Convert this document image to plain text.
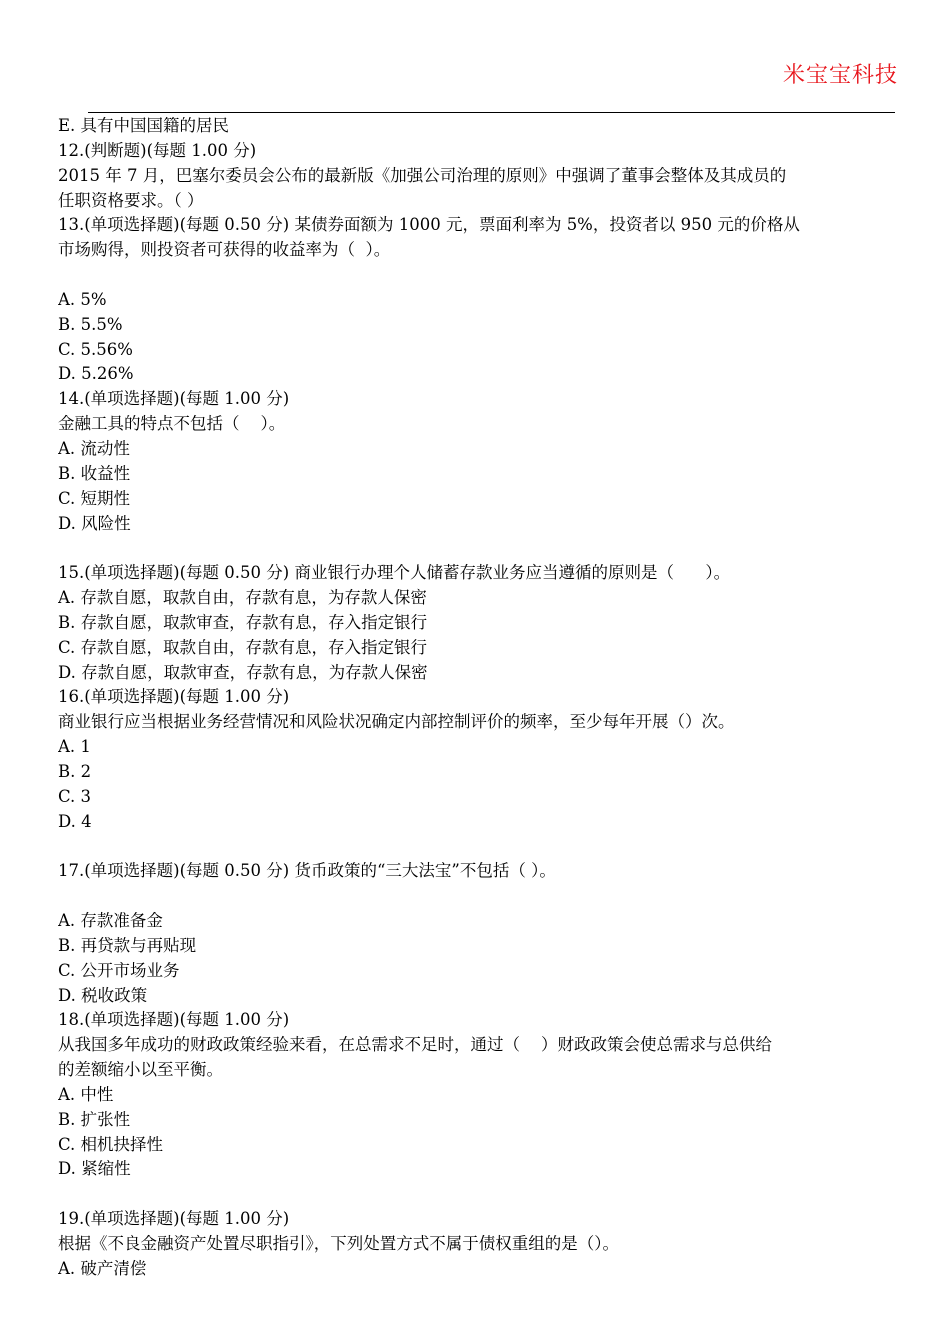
米宝宝科技
E. 具有中国国籍的居民
12.(判断题)(每题 1.00 分)
2015 年 7 月，巴塞尔委员会公布的最新版《加强公司治理的原则》中强调了董事会整体及其成员的
任职资格要求。（ ）
13.(单项选择题)(每题 0.50 分) 某债券面额为 1000 元，票面利率为 5%，投资者以 950 元的价格从
市场购得，则投资者可获得的收益率为（  ）。
A. 5%
B. 5.5%
C. 5.56%
D. 5.26%
14.(单项选择题)(每题 1.00 分)
金融工具的特点不包括（    ）。
A. 流动性
B. 收益性
C. 短期性
D. 风险性
15.(单项选择题)(每题 0.50 分) 商业银行办理个人储蓄存款业务应当遵循的原则是（      ）。
A. 存款自愿，取款自由，存款有息，为存款人保密
B. 存款自愿，取款审查，存款有息，存入指定银行
C. 存款自愿，取款自由，存款有息，存入指定银行
D. 存款自愿，取款审查，存款有息，为存款人保密
16.(单项选择题)(每题 1.00 分)
商业银行应当根据业务经营情况和风险状况确定内部控制评价的频率，至少每年开展（）次。
A. 1
B. 2
C. 3
D. 4
17.(单项选择题)(每题 0.50 分) 货币政策的“三大法宝”不包括（ ）。
A. 存款准备金
B. 再贷款与再贴现
C. 公开市场业务
D. 税收政策
18.(单项选择题)(每题 1.00 分)
从我国多年成功的财政政策经验来看，在总需求不足时，通过（    ）财政政策会使总需求与总供给
的差额缩小以至平衡。
A. 中性
B. 扩张性
C. 相机抉择性
D. 紧缩性
19.(单项选择题)(每题 1.00 分)
根据《不良金融资产处置尽职指引》，下列处置方式不属于债权重组的是（）。
A. 破产清偿
